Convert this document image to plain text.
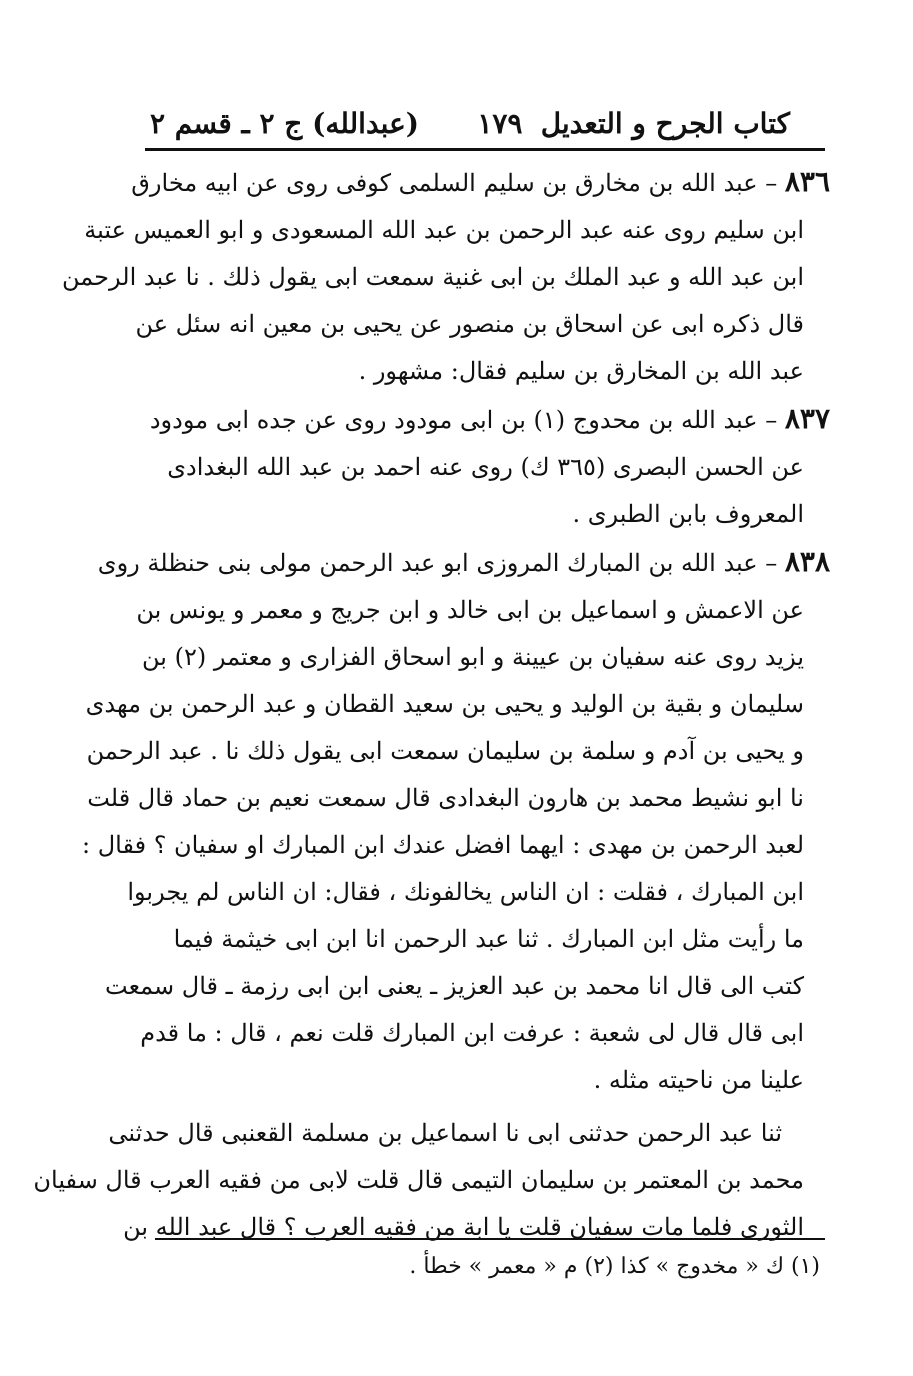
كتاب الجرح و التعديل
١٧٩
(عبدالله) ج ٢ ـ قسم ٢
٨٣٦ – عبد الله بن مخارق بن سليم السلمى كوفى روى عن ابيه مخارق
ابن سليم روى عنه عبد الرحمن بن عبد الله المسعودى و ابو العميس عتبة
ابن عبد الله و عبد الملك بن ابى غنية سمعت ابى يقول ذلك . نا عبد الرحمن
قال ذكره ابى عن اسحاق بن منصور عن يحيى بن معين انه سئل عن
عبد الله بن المخارق بن سليم فقال: مشهور .
٨٣٧ – عبد الله بن محدوج (١) بن ابى مودود روى عن جده ابى مودود
عن الحسن البصرى (٣٦٥ ك) روى عنه احمد بن عبد الله البغدادى
المعروف بابن الطبرى .
٨٣٨ – عبد الله بن المبارك المروزى ابو عبد الرحمن مولى بنى حنظلة روى
عن الاعمش و اسماعيل بن ابى خالد و ابن جريج و معمر و يونس بن
يزيد روى عنه سفيان بن عيينة و ابو اسحاق الفزارى و معتمر (٢) بن
سليمان و بقية بن الوليد و يحيى بن سعيد القطان و عبد الرحمن بن مهدى
و يحيى بن آدم و سلمة بن سليمان سمعت ابى يقول ذلك نا . عبد الرحمن
نا ابو نشيط محمد بن هارون البغدادى قال سمعت نعيم بن حماد قال قلت
لعبد الرحمن بن مهدى : ايهما افضل عندك ابن المبارك او سفيان ؟ فقال :
ابن المبارك ، فقلت : ان الناس يخالفونك ، فقال: ان الناس لم يجربوا
ما رأيت مثل ابن المبارك . ثنا عبد الرحمن انا ابن ابى خيثمة فيما
كتب الى قال انا محمد بن عبد العزيز ـ يعنى ابن ابى رزمة ـ قال سمعت
ابى قال قال لى شعبة : عرفت ابن المبارك قلت نعم ، قال : ما قدم
علينا من ناحيته مثله .
ثنا عبد الرحمن حدثنى ابى نا اسماعيل بن مسلمة القعنبى قال حدثنى
محمد بن المعتمر بن سليمان التيمى قال قلت لابى من فقيه العرب قال سفيان
الثورى فلما مات سفيان قلت يا ابة من فقيه العرب ؟ قال عبد الله بن
(١) ك « مخدوج » كذا (٢) م « معمر » خطأ .
